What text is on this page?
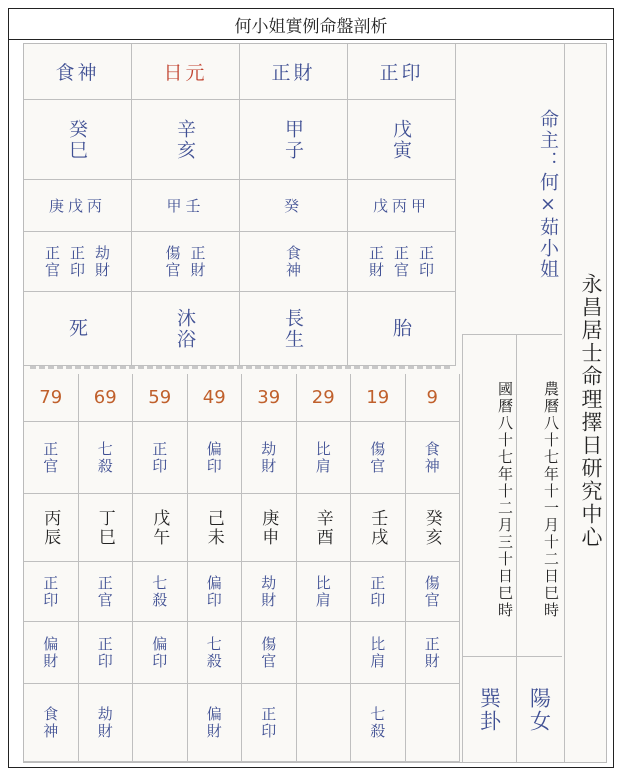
何小姐實例命盤剖析
食神
癸巳
庚戊丙
劫財
正印
正官
死
日元
辛亥
甲壬
正財
傷官
沐浴
正財
甲子
癸
食神
長生
正印
戊寅
戊丙甲
正印
正官
正財
胎	永昌居士命理擇日研究中心
命主：何×茹小姐
農曆八十七年十一月十二日巳時
國曆八十七年十二月三十日巳時
陽女
巽卦
79
正官
丙辰
正印
偏財
食神
69
七殺
丁巳
正官
正印
劫財
59
正印
戊午
七殺
偏印
49
偏印
己未
偏印
七殺
偏財
39
劫財
庚申
劫財
傷官
正印
29
比肩
辛酉
比肩
19
傷官
壬戌
正印
比肩
七殺
9
食神
癸亥
傷官
正財
